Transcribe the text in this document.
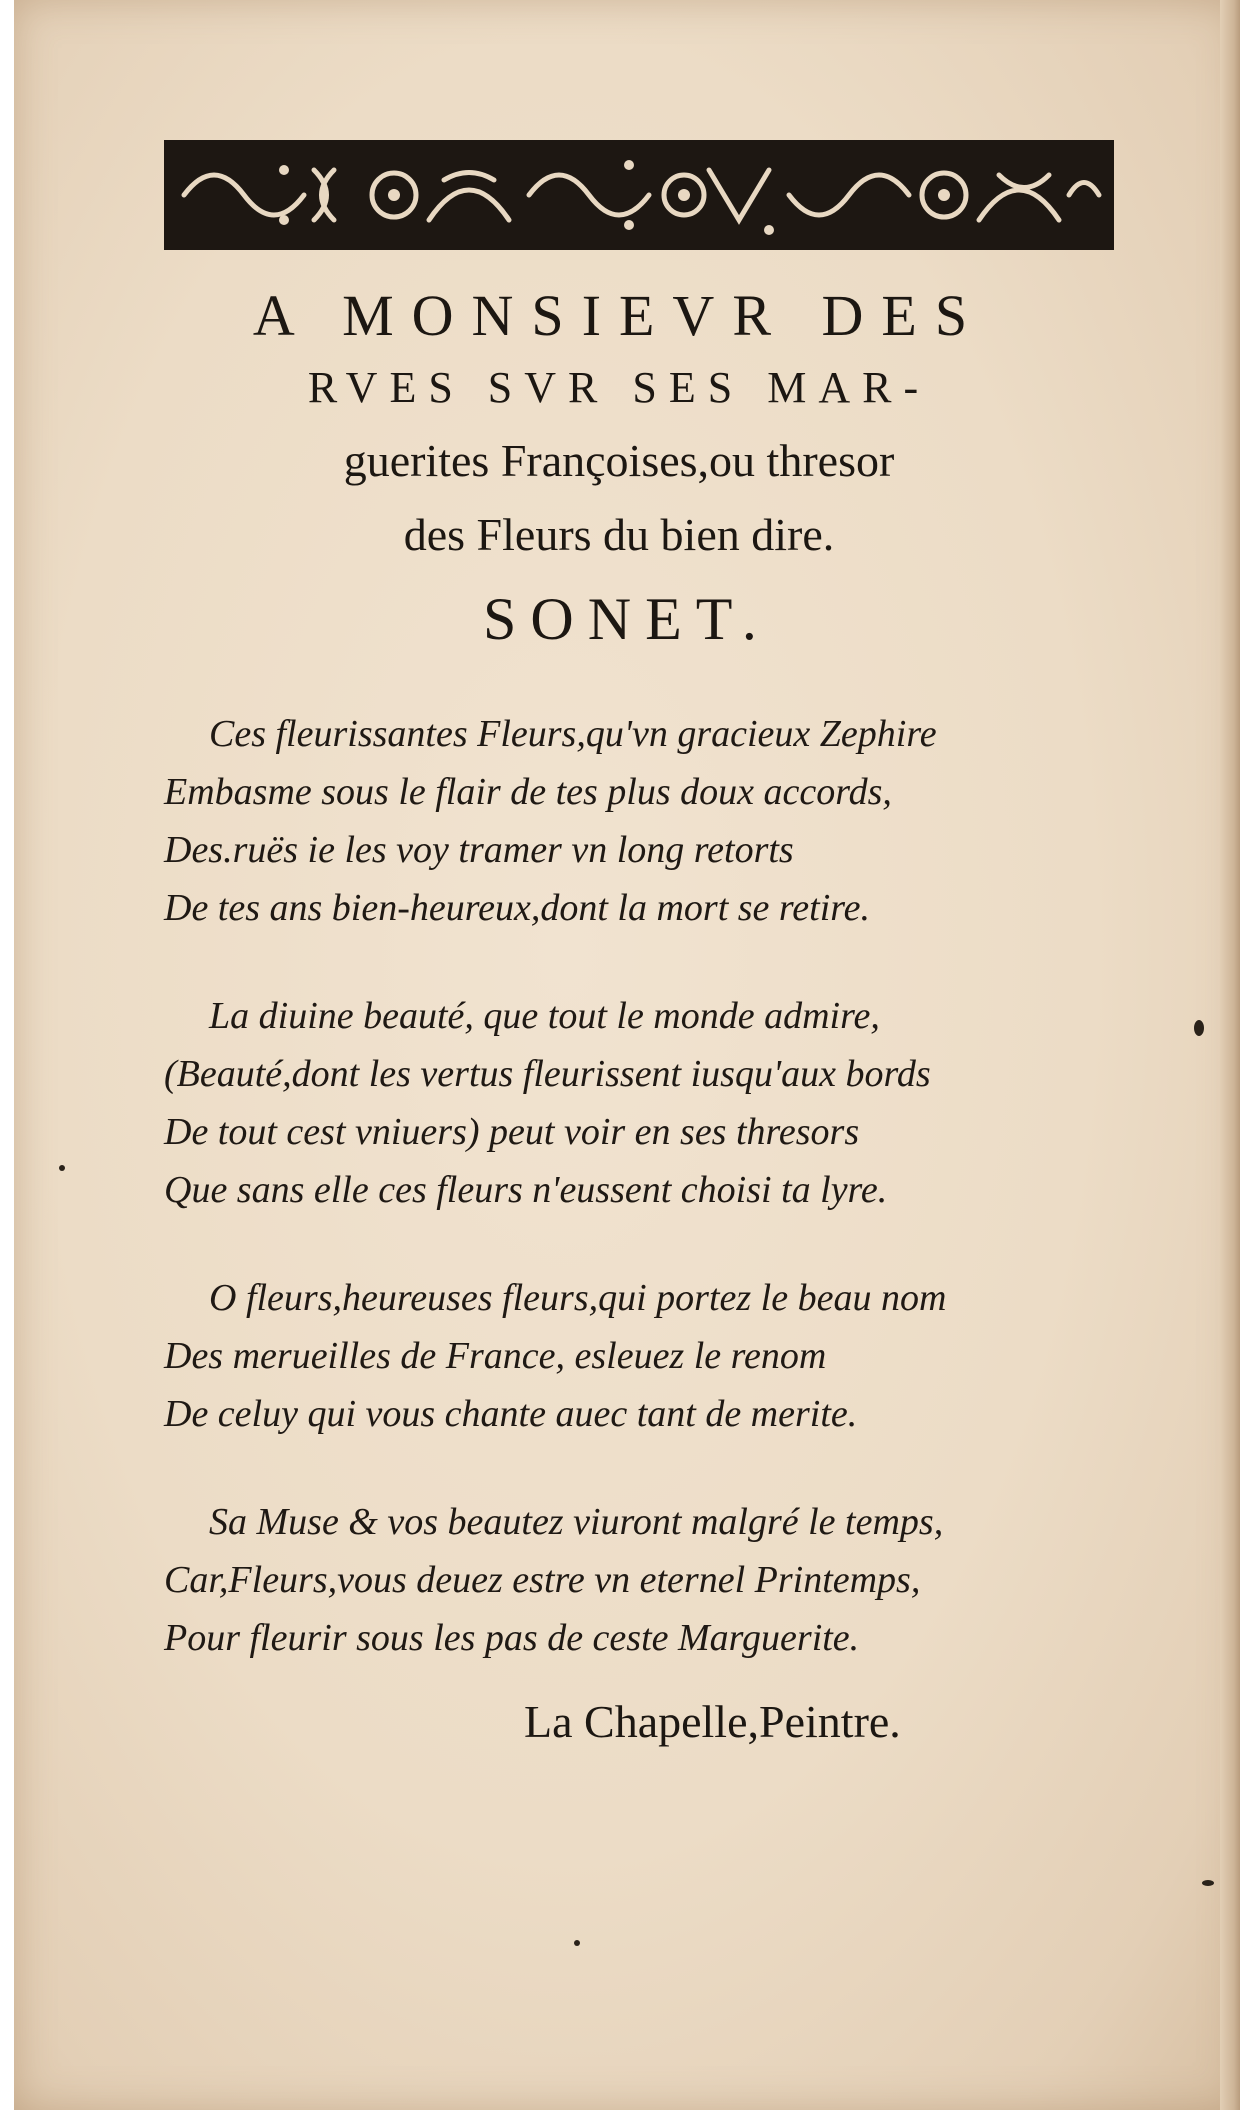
A MONSIEVR DES
RVES SVR SES MAR-
guerites Françoises,ou thresor
des Fleurs du bien dire.
SONET.
Ces fleurissantes Fleurs,qu'vn gracieux Zephire
Embasme sous le flair de tes plus doux accords,
Des.ruës ie les voy tramer vn long retorts
De tes ans bien-heureux,dont la mort se retire.
La diuine beauté, que tout le monde admire,
(Beauté,dont les vertus fleurissent iusqu'aux bords
De tout cest vniuers) peut voir en ses thresors
Que sans elle ces fleurs n'eussent choisi ta lyre.
O fleurs,heureuses fleurs,qui portez le beau nom
Des merueilles de France, esleuez le renom
De celuy qui vous chante auec tant de merite.
Sa Muse & vos beautez viuront malgré le temps,
Car,Fleurs,vous deuez estre vn eternel Printemps,
Pour fleurir sous les pas de ceste Marguerite.
La Chapelle,Peintre.
